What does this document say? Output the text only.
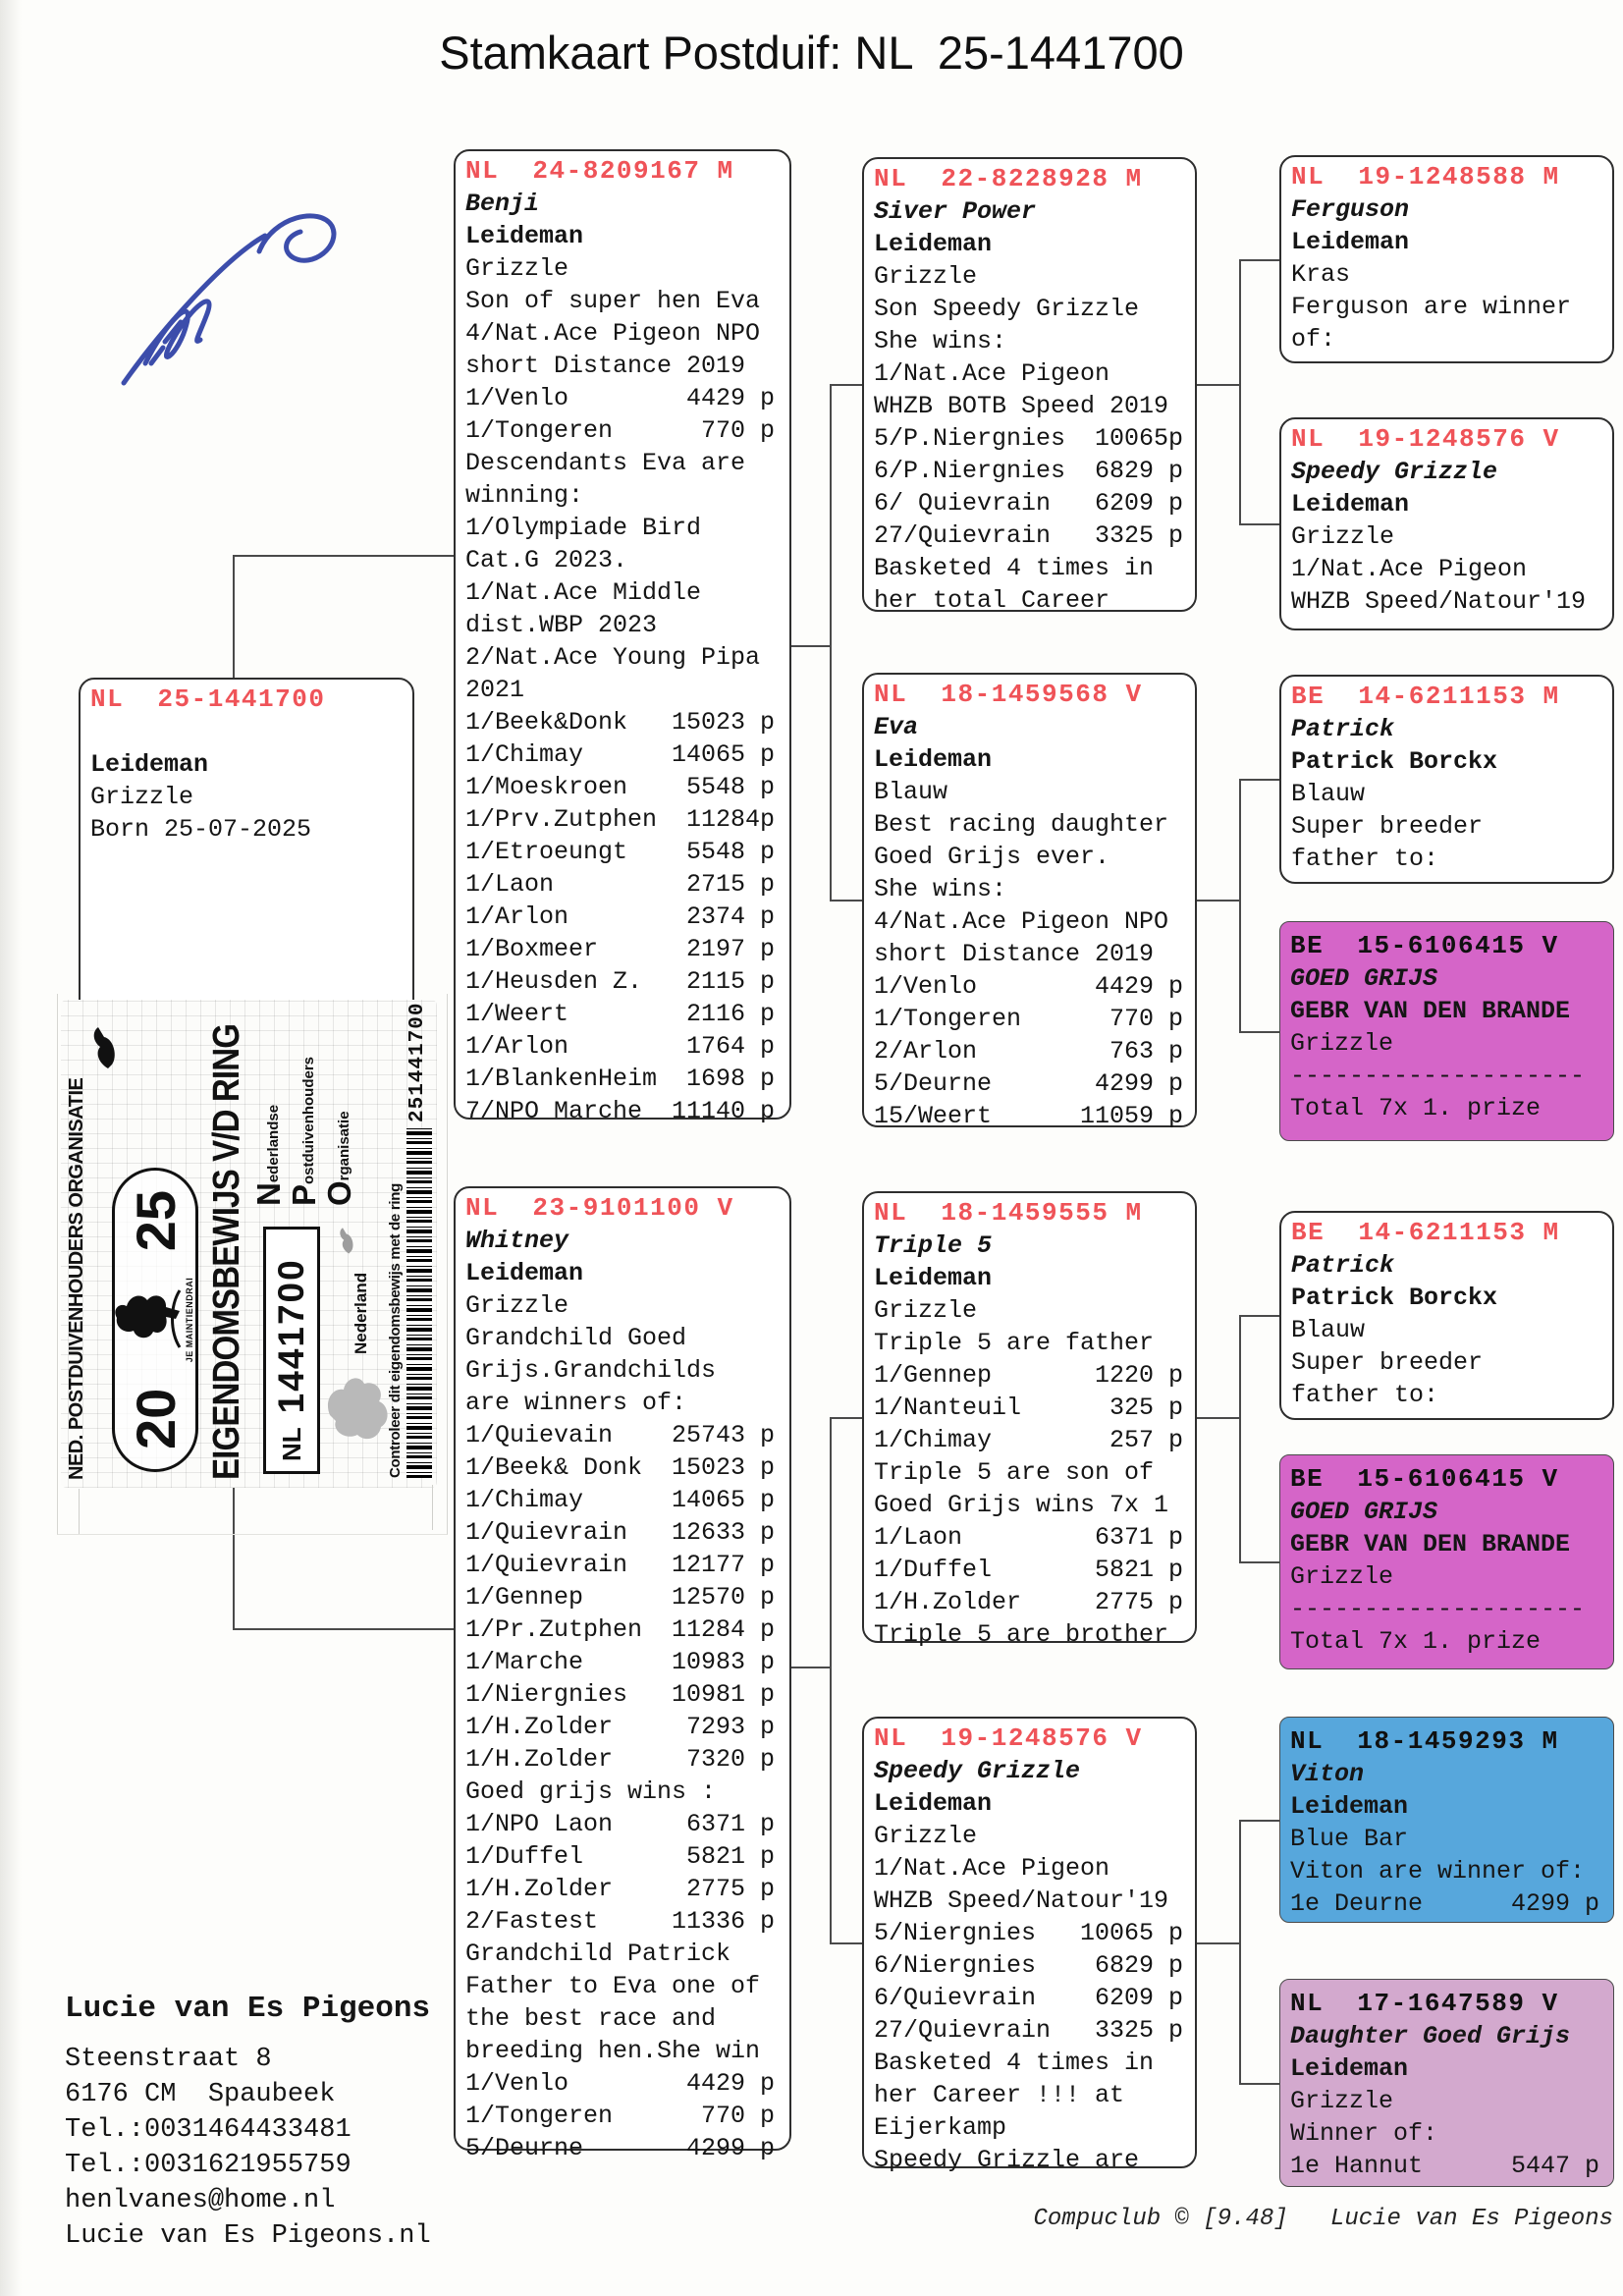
Stamkaart Postduif: NL  25-1441700
NL  25-1441700

Leideman
Grizzle
Born 25-07-2025
NL  24-8209167 M
Benji
Leideman
Grizzle
Son of super hen Eva
4/Nat.Ace Pigeon NPO
short Distance 2019
1/Venlo        4429 p
1/Tongeren      770 p
Descendants Eva are
winning:
1/Olympiade Bird
Cat.G 2023.
1/Nat.Ace Middle
dist.WBP 2023
2/Nat.Ace Young Pipa
2021
1/Beek&Donk   15023 p
1/Chimay      14065 p
1/Moeskroen    5548 p
1/Prv.Zutphen  11284p
1/Etroeungt    5548 p
1/Laon         2715 p
1/Arlon        2374 p
1/Boxmeer      2197 p
1/Heusden Z.   2115 p
1/Weert        2116 p
1/Arlon        1764 p
1/BlankenHeim  1698 p
7/NPO Marche  11140 p
NL  23-9101100 V
Whitney
Leideman
Grizzle
Grandchild Goed
Grijs.Grandchilds
are winners of:
1/Quievain    25743 p
1/Beek& Donk  15023 p
1/Chimay      14065 p
1/Quievrain   12633 p
1/Quievrain   12177 p
1/Gennep      12570 p
1/Pr.Zutphen  11284 p
1/Marche      10983 p
1/Niergnies   10981 p
1/H.Zolder     7293 p
1/H.Zolder     7320 p
Goed grijs wins :
1/NPO Laon     6371 p
1/Duffel       5821 p
1/H.Zolder     2775 p
2/Fastest     11336 p
Grandchild Patrick
Father to Eva one of
the best race and
breeding hen.She win
1/Venlo        4429 p
1/Tongeren      770 p
5/Deurne       4299 p
NL  22-8228928 M
Siver Power
Leideman
Grizzle
Son Speedy Grizzle
She wins:
1/Nat.Ace Pigeon
WHZB BOTB Speed 2019
5/P.Niergnies  10065p
6/P.Niergnies  6829 p
6/ Quievrain   6209 p
27/Quievrain   3325 p
Basketed 4 times in
her total Career
NL  18-1459568 V
Eva
Leideman
Blauw
Best racing daughter
Goed Grijs ever.
She wins:
4/Nat.Ace Pigeon NPO
short Distance 2019
1/Venlo        4429 p
1/Tongeren      770 p
2/Arlon         763 p
5/Deurne       4299 p
15/Weert      11059 p
NL  18-1459555 M
Triple 5
Leideman
Grizzle
Triple 5 are father
1/Gennep       1220 p
1/Nanteuil      325 p
1/Chimay        257 p
Triple 5 are son of
Goed Grijs wins 7x 1
1/Laon         6371 p
1/Duffel       5821 p
1/H.Zolder     2775 p
Triple 5 are brother
NL  19-1248576 V
Speedy Grizzle
Leideman
Grizzle
1/Nat.Ace Pigeon
WHZB Speed/Natour'19
5/Niergnies   10065 p
6/Niergnies    6829 p
6/Quievrain    6209 p
27/Quievrain   3325 p
Basketed 4 times in
her Career !!! at
Eijerkamp
Speedy Grizzle are
NL  19-1248588 M
Ferguson
Leideman
Kras
Ferguson are winner
of:
NL  19-1248576 V
Speedy Grizzle
Leideman
Grizzle
1/Nat.Ace Pigeon
WHZB Speed/Natour'19
BE  14-6211153 M
Patrick
Patrick Borckx
Blauw
Super breeder
father to:
BE  15-6106415 V
GOED GRIJS
GEBR VAN DEN BRANDE
Grizzle
--------------------
Total 7x 1. prize
BE  14-6211153 M
Patrick
Patrick Borckx
Blauw
Super breeder
father to:
BE  15-6106415 V
GOED GRIJS
GEBR VAN DEN BRANDE
Grizzle
--------------------
Total 7x 1. prize
NL  18-1459293 M
Viton
Leideman
Blue Bar
Viton are winner of:
1e Deurne      4299 p
NL  17-1647589 V
Daughter Goed Grijs
Leideman
Grizzle
Winner of:
1e Hannut      5447 p
NED. POSTDUIVENHOUDERS ORGANISATIE 20
JE MAINTIENDRAI
25 EIGENDOMSBEWIJS V/D RING Nederlandse
Postduivenhouders
Organisatie
NL
1441700 Nederland Controleer dit eigendomsbewijs met de ring
251441700
Lucie van Es Pigeons
Steenstraat 8
6176 CM  Spaubeek
Tel.:0031464433481
Tel.:0031621955759
henlvanes@home.nl
Lucie van Es Pigeons.nl
Compuclub © [9.48]   Lucie van Es Pigeons
